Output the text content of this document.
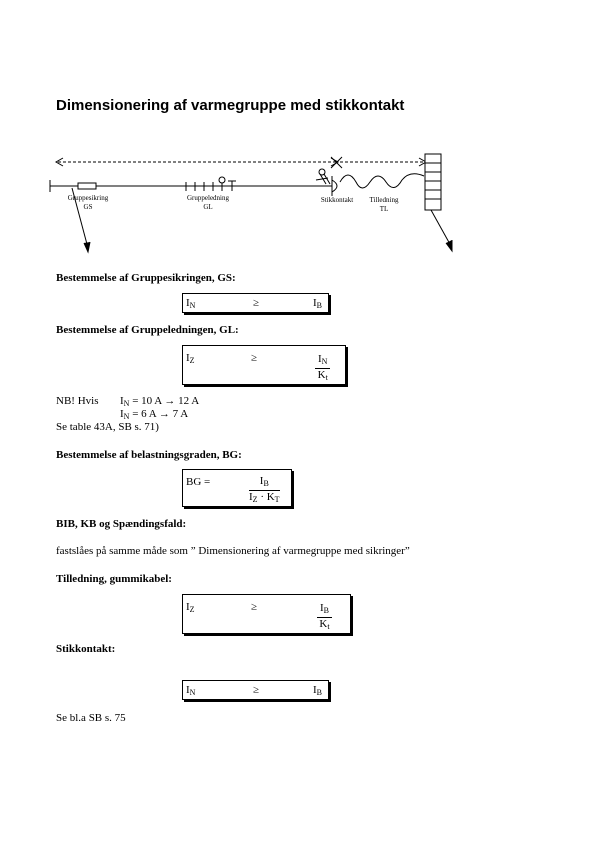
Dimensionering af varmegruppe med stikkontakt
Gruppesikring
GS
Gruppeledning
GL
Stikkontakt	Tilledning
TL
Bestemmelse af Gruppesikringen, GS:
$I_N$	≥	$I_B$
Bestemmelse af Gruppeledningen, GL:
$I_Z$	≥	$\frac{I_N}{K_t}$
NB! Hvis $I_N = 10$ A → 12 A
$I_N = 6$ A → 7 A
Se table 43A, SB s. 71)
Bestemmelse af belastningsgraden, BG:
BG =	$\frac{I_B}{I_Z \cdot K_T}$
BIB, KB og Spændingsfald:
fastslåes på samme måde som ” Dimensionering af varmegruppe med sikringer”
Tilledning, gummikabel:
$I_Z$	≥	$\frac{I_B}{K_t}$
Stikkontakt:
$I_N$	≥	$I_B$
Se bl.a SB s. 75
